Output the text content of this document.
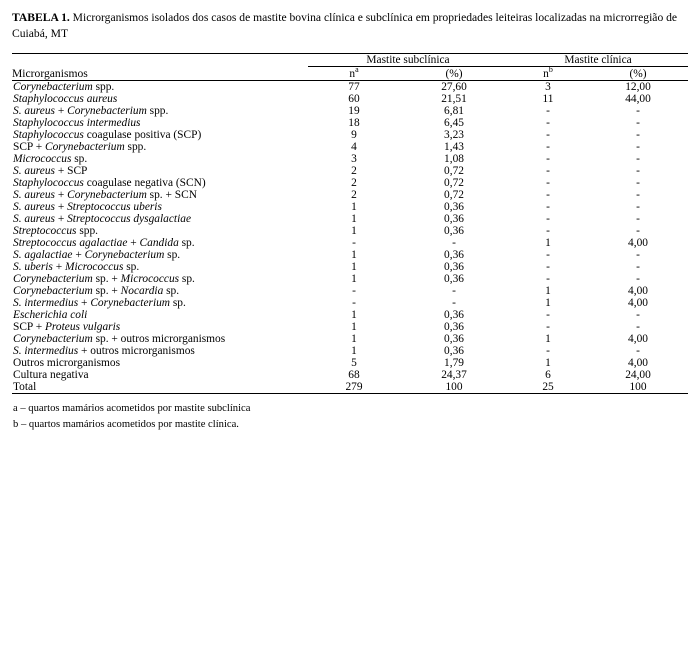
TABELA 1. Microrganismos isolados dos casos de mastite bovina clínica e subclínica em propriedades leiteiras localizadas na microrregião de Cuiabá, MT

	Mastite subclínica		Mastite clínica	
Microrganismos	$n^a$	(%)	$n^b$	(%)
Corynebacterium spp.	77	27,60	3	12,00
Staphylococcus aureus	60	21,51	11	44,00
S. aureus + Corynebacterium spp.	19	6,81	-	-
Staphylococcus intermedius	18	6,45	-	-
Staphylococcus coagulase positiva (SCP)	9	3,23	-	-
SCP + Corynebacterium spp.	4	1,43	-	-
Micrococcus sp.	3	1,08	-	-
S. aureus + SCP	2	0,72	-	-
Staphylococcus coagulase negativa (SCN)	2	0,72	-	-
S. aureus + Corynebacterium sp. + SCN	2	0,72	-	-
S. aureus + Streptococcus uberis	1	0,36	-	-
S. aureus + Streptococcus dysgalactiae	1	0,36	-	-
Streptococcus spp.	1	0,36	-	-
Streptococcus agalactiae + Candida sp.	-	-	1	4,00
S. agalactiae + Corynebacterium sp.	1	0,36	-	-
S. uberis + Micrococcus sp.	1	0,36	-	-
Corynebacterium sp. + Micrococcus sp.	1	0,36	-	-
Corynebacterium sp. + Nocardia sp.	-	-	1	4,00
S. intermedius + Corynebacterium sp.	-	-	1	4,00
Escherichia coli	1	0,36	-	-
SCP + Proteus vulgaris	1	0,36	-	-
Corynebacterium sp. + outros microrganismos	1	0,36	1	4,00
S. intermedius + outros microrganismos	1	0,36	-	-
Outros microrganismos	5	1,79	1	4,00
Cultura negativa	68	24,37	6	24,00
Total	279	100	25	100
a – quartos mamários acometidos por mastite subclínica
b – quartos mamários acometidos por mastite clínica.
